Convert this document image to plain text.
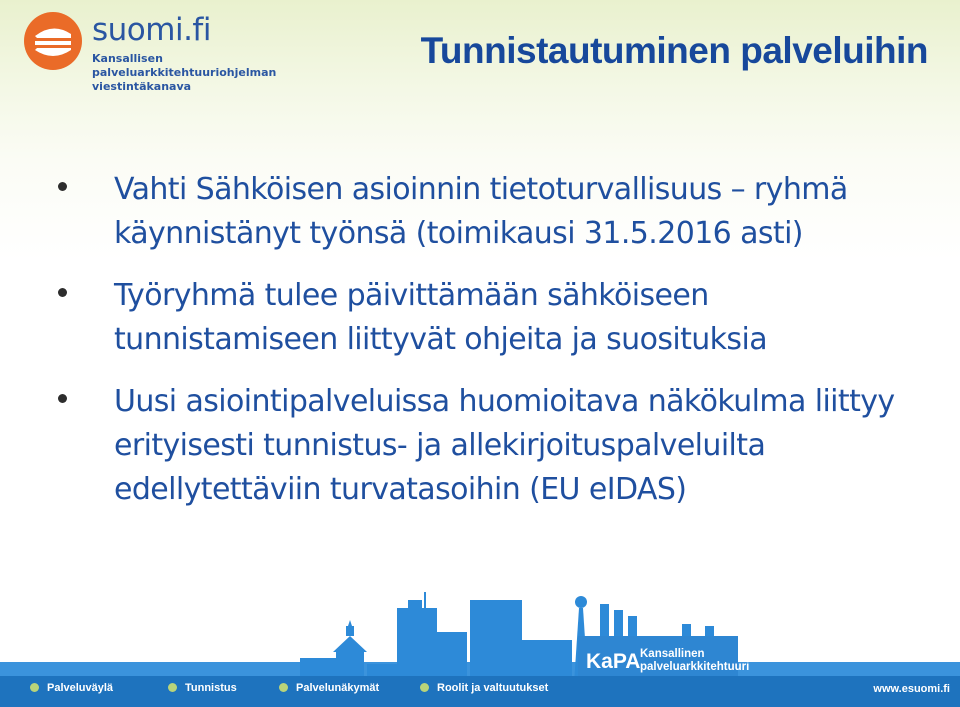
suomi.fi
Kansallisen palveluarkkitehtuuriohjelman viestintäkanava
Tunnistautuminen palveluihin
Vahti Sähköisen asioinnin tietoturvallisuus – ryhmä käynnistänyt työnsä (toimikausi 31.5.2016 asti)
Työryhmä tulee päivittämään sähköiseen tunnistamiseen liittyvät ohjeita ja suosituksia
Uusi asiointipalveluissa huomioitava näkökulma liittyy erityisesti tunnistus- ja allekirjoituspalveluilta edellytettäviin turvatasoihin (EU eIDAS)
KaPA Kansallinen
palveluarkkitehtuuri
Palveluväylä	Tunnistus	Palvelunäkymät	Roolit ja valtuutukset	www.esuomi.fi
